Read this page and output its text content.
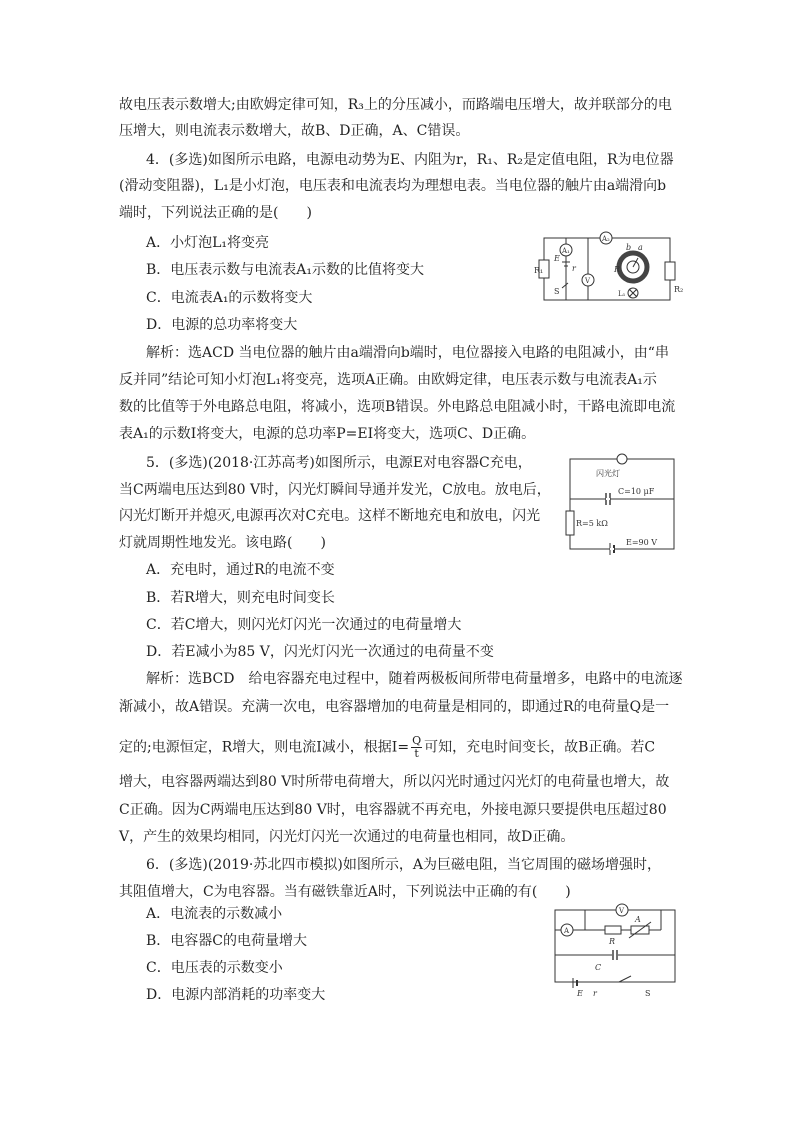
故电压表示数增大;由欧姆定律可知，R₃上的分压减小，而路端电压增大，故并联部分的电
压增大，则电流表示数增大，故B、D正确，A、C错误。
4．(多选)如图所示电路，电源电动势为E、内阻为r，R₁、R₂是定值电阻，R为电位器
(滑动变阻器)，L₁是小灯泡，电压表和电流表均为理想电表。当电位器的触片由a端滑向b
端时，下列说法正确的是(　　)
A．小灯泡L₁将变亮
B．电压表示数与电流表A₁示数的比值将变大
C．电流表A₁的示数将变大
D．电源的总功率将变大
解析：选ACD 当电位器的触片由a端滑向b端时，电位器接入电路的电阻减小，由“串
反并同”结论可知小灯泡L₁将变亮，选项A正确。由欧姆定律，电压表示数与电流表A₁示
数的比值等于外电路总电阻，将减小，选项B错误。外电路总电阻减小时，干路电流即电流
表A₁的示数I将变大，电源的总功率P=EI将变大，选项C、D正确。
5．(多选)(2018·江苏高考)如图所示，电源E对电容器C充电，
当C两端电压达到80 V时，闪光灯瞬间导通并发光，C放电。放电后，
闪光灯断开并熄灭,电源再次对C充电。这样不断地充电和放电，闪光
灯就周期性地发光。该电路(　　)
A．充电时，通过R的电流不变
B．若R增大，则充电时间变长
C．若C增大，则闪光灯闪光一次通过的电荷量增大
D．若E减小为85 V，闪光灯闪光一次通过的电荷量不变
解析：选BCD　给电容器充电过程中，随着两极板间所带电荷量增多，电路中的电流逐
渐减小，故A错误。充满一次电，电容器增加的电荷量是相同的，即通过R的电荷量Q是一
定的;电源恒定，R增大，则电流I减小，根据$I= \frac{Q}{t}$ 可知，充电时间变长，故B正确。若C
增大，电容器两端达到80 V时所带电荷增大，所以闪光时通过闪光灯的电荷量也增大，故
C正确。因为C两端电压达到80 V时，电容器就不再充电，外接电源只要提供电压超过80
V，产生的效果均相同，闪光灯闪光一次通过的电荷量也相同，故D正确。
6．(多选)(2019·苏北四市模拟)如图所示，A为巨磁电阻，当它周围的磁场增强时，
其阻值增大，C为电容器。当有磁铁靠近A时，下列说法中正确的有(　　)
A．电流表的示数减小
B．电容器C的电荷量增大
C．电压表的示数变小
D．电源内部消耗的功率变大
A₁
A₂
V
R₁
R₂
E
r
S
R
L₁
a
b
闪光灯
C=10 μF
R=5 kΩ
E=90 V
V
A
R
A
C
E r	S
